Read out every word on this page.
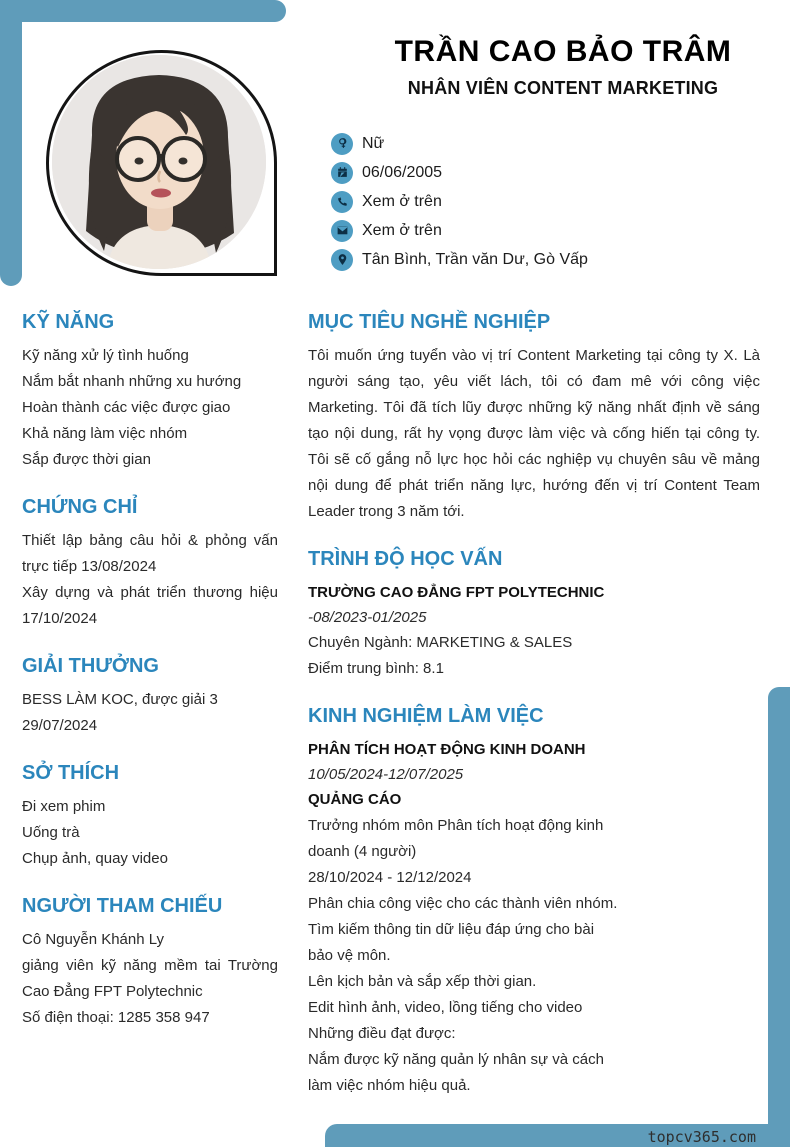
TRẦN CAO BẢO TRÂM
NHÂN VIÊN CONTENT MARKETING
Nữ
06/06/2005
Xem ở trên
Xem ở trên
Tân Bình, Trần văn Dư, Gò Vấp
KỸ NĂNG
Kỹ năng xử lý tình huống
Nắm bắt nhanh những xu hướng
Hoàn thành các việc được giao
Khả năng làm việc nhóm
Sắp được thời gian
CHỨNG CHỈ
Thiết lập bảng câu hỏi & phỏng vấn trực tiếp 13/08/2024
Xây dựng và phát triển thương hiệu 17/10/2024
GIẢI THƯỞNG
BESS LÀM KOC, được giải 3
29/07/2024
SỞ THÍCH
Đi xem phim
Uống trà
Chụp ảnh, quay video
NGƯỜI THAM CHIẾU
Cô Nguyễn Khánh Ly
giảng viên kỹ năng mềm tai Trường Cao Đẳng FPT Polytechnic
Số điện thoại: 1285 358 947
MỤC TIÊU NGHỀ NGHIỆP
Tôi muốn ứng tuyển vào vị trí Content Marketing tại công ty X. Là người sáng tạo, yêu viết lách, tôi có đam mê với công việc Marketing. Tôi đã tích lũy được những kỹ năng nhất định về sáng tạo nội dung, rất hy vọng được làm việc và cống hiến tại công ty. Tôi sẽ cố gắng nỗ lực học hỏi các nghiệp vụ chuyên sâu về mảng nội dung để phát triển năng lực, hướng đến vị trí Content Team Leader trong 3 năm tới.
TRÌNH ĐỘ HỌC VẤN
TRƯỜNG CAO ĐẲNG FPT POLYTECHNIC
-08/2023-01/2025
Chuyên Ngành: MARKETING & SALES
Điểm trung bình: 8.1
KINH NGHIỆM LÀM VIỆC
PHÂN TÍCH HOẠT ĐỘNG KINH DOANH
10/05/2024-12/07/2025
QUẢNG CÁO
Trưởng nhóm môn Phân tích hoạt động kinh
doanh (4 người)
28/10/2024 - 12/12/2024
Phân chia công việc cho các thành viên nhóm.
Tìm kiếm thông tin dữ liệu đáp ứng cho bài
bảo vệ môn.
Lên kịch bản và sắp xếp thời gian.
Edit hình ảnh, video, lồng tiếng cho video
Những điều đạt được:
Nắm được kỹ năng quản lý nhân sự và cách
làm việc nhóm hiệu quả.
topcv365.com
